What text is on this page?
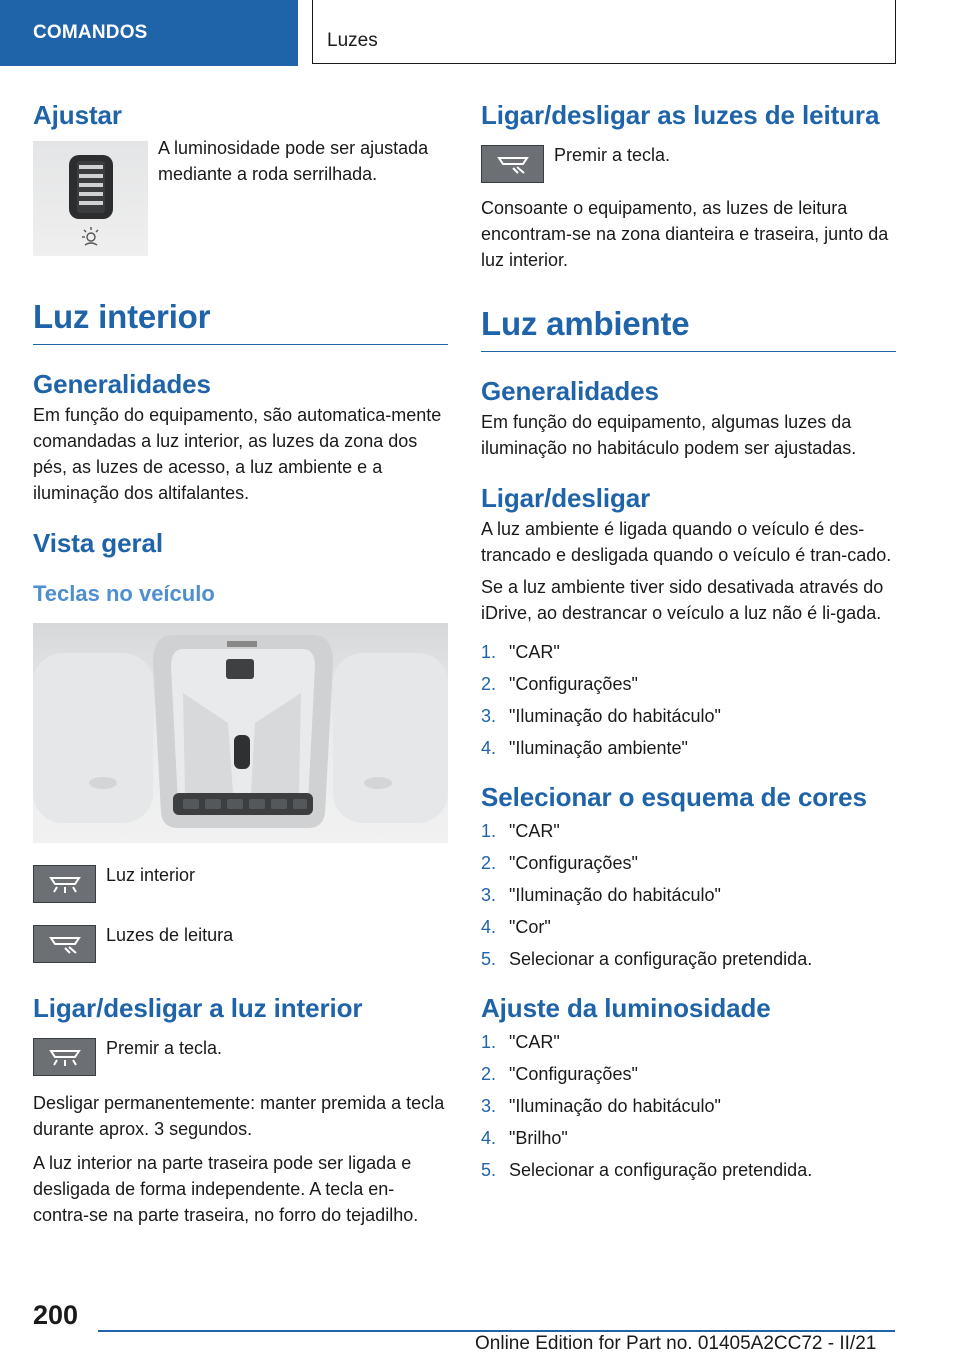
COMANDOS	Luzes
Ajustar
A luminosidade pode ser ajustada mediante a roda serrilhada.
Luz interior
Generalidades

Em função do equipamento, são automatica-mente comandadas a luz interior, as luzes da zona dos pés, as luzes de acesso, a luz ambiente e a iluminação dos altifalantes.

Vista geral
Teclas no veículo
Luz interior
Luzes de leitura
Ligar/desligar a luz interior
Premir a tecla.

Desligar permanentemente: manter premida a tecla durante aprox. 3 segundos.

A luz interior na parte traseira pode ser ligada e desligada de forma independente. A tecla en-contra-se na parte traseira, no forro do tejadilho.

Ligar/desligar as luzes de leitura
Premir a tecla.

Consoante o equipamento, as luzes de leitura encontram-se na zona dianteira e traseira, junto da luz interior.

Luz ambiente
Generalidades

Em função do equipamento, algumas luzes da iluminação no habitáculo podem ser ajustadas.

Ligar/desligar

A luz ambiente é ligada quando o veículo é des-trancado e desligada quando o veículo é tran-cado.

Se a luz ambiente tiver sido desativada através do iDrive, ao destrancar o veículo a luz não é li-gada.

1. "CAR"
2. "Configurações"
3. "Iluminação do habitáculo"
4. "Iluminação ambiente"
Selecionar o esquema de cores
1. "CAR"
2. "Configurações"
3. "Iluminação do habitáculo"
4. "Cor"
5. Selecionar a configuração pretendida.
Ajuste da luminosidade
1. "CAR"
2. "Configurações"
3. "Iluminação do habitáculo"
4. "Brilho"
5. Selecionar a configuração pretendida.
200
Online Edition for Part no. 01405A2CC72 - II/21
